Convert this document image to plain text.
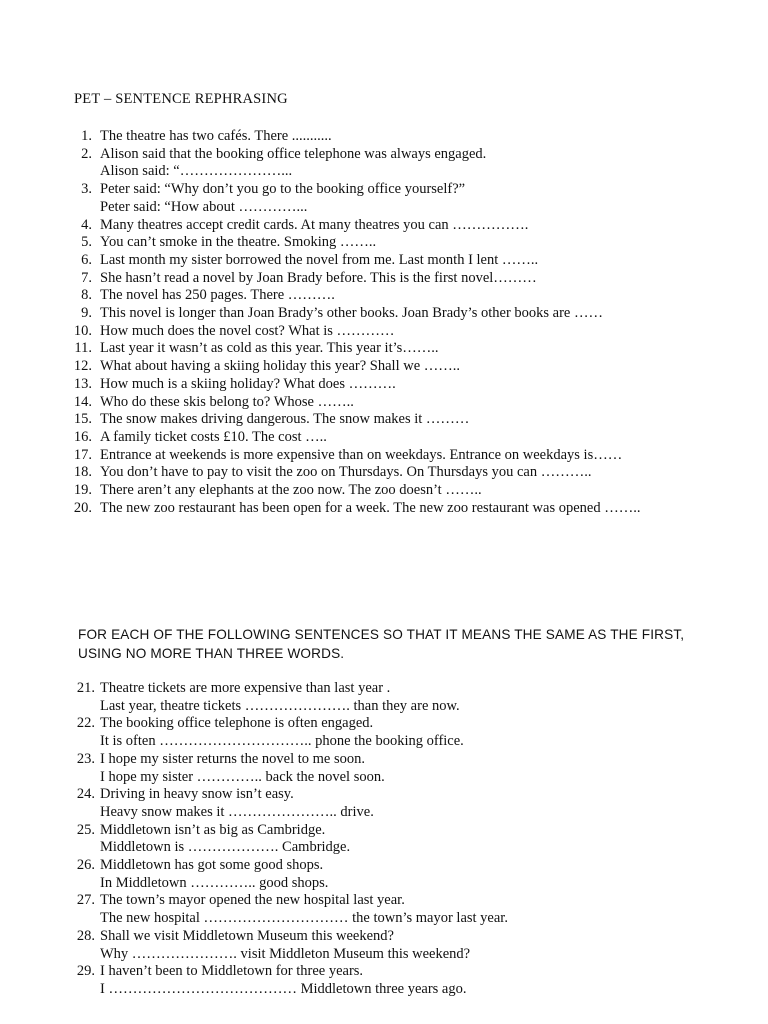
PET – SENTENCE REPHRASING
1. The theatre has two cafés. There ...........
2. Alison said that the booking office telephone was always engaged.
Alison said: “…………………...
3. Peter said: “Why don’t you go to the booking office yourself?”
Peter said: “How about …………...
4. Many theatres accept credit cards. At many theatres you can …………….
5. You can’t smoke in the theatre. Smoking ……..
6. Last month my sister borrowed the novel from me. Last month I lent ……..
7. She hasn’t read a novel by Joan Brady before. This is the first novel………
8. The novel has 250 pages. There ……….
9. This novel is longer than Joan Brady’s other books. Joan Brady’s other books are ……
10. How much does the novel cost? What is …………
11. Last year it wasn’t as cold as this year. This year it’s……..
12. What about having a skiing holiday this year? Shall we ……..
13. How much is a skiing holiday? What does ……….
14. Who do these skis belong to? Whose ……..
15. The snow makes driving dangerous. The snow makes it ………
16. A family ticket costs £10. The cost …..
17. Entrance at weekends is more expensive than on weekdays. Entrance on weekdays is……
18. You don’t have to pay to visit the zoo on Thursdays. On Thursdays you can ………..
19. There aren’t any elephants at the zoo now. The zoo doesn’t ……..
20. The new zoo restaurant has been open for a week. The new zoo restaurant was opened ……..
FOR EACH OF THE FOLLOWING SENTENCES SO THAT IT MEANS THE SAME AS THE FIRST, USING NO MORE THAN THREE WORDS.
21. Theatre tickets are more expensive than last year .
Last year, theatre tickets …………………. than they are now.
22. The booking office telephone is often engaged.
It is often ………………………….. phone the booking office.
23. I hope my sister returns the novel to me soon.
I hope my sister ………….. back the novel soon.
24. Driving in heavy snow isn’t easy.
Heavy snow makes it ………………….. drive.
25. Middletown isn’t as big as Cambridge.
Middletown is ………………. Cambridge.
26. Middletown has got some good shops.
In Middletown ………….. good shops.
27. The town’s mayor opened the new hospital last year.
The new hospital ………………………… the town’s mayor last year.
28. Shall we visit Middletown Museum this weekend?
Why …………………. visit Middleton Museum this weekend?
29. I haven’t been to Middletown for three years.
I ………………………………… Middletown three years ago.
